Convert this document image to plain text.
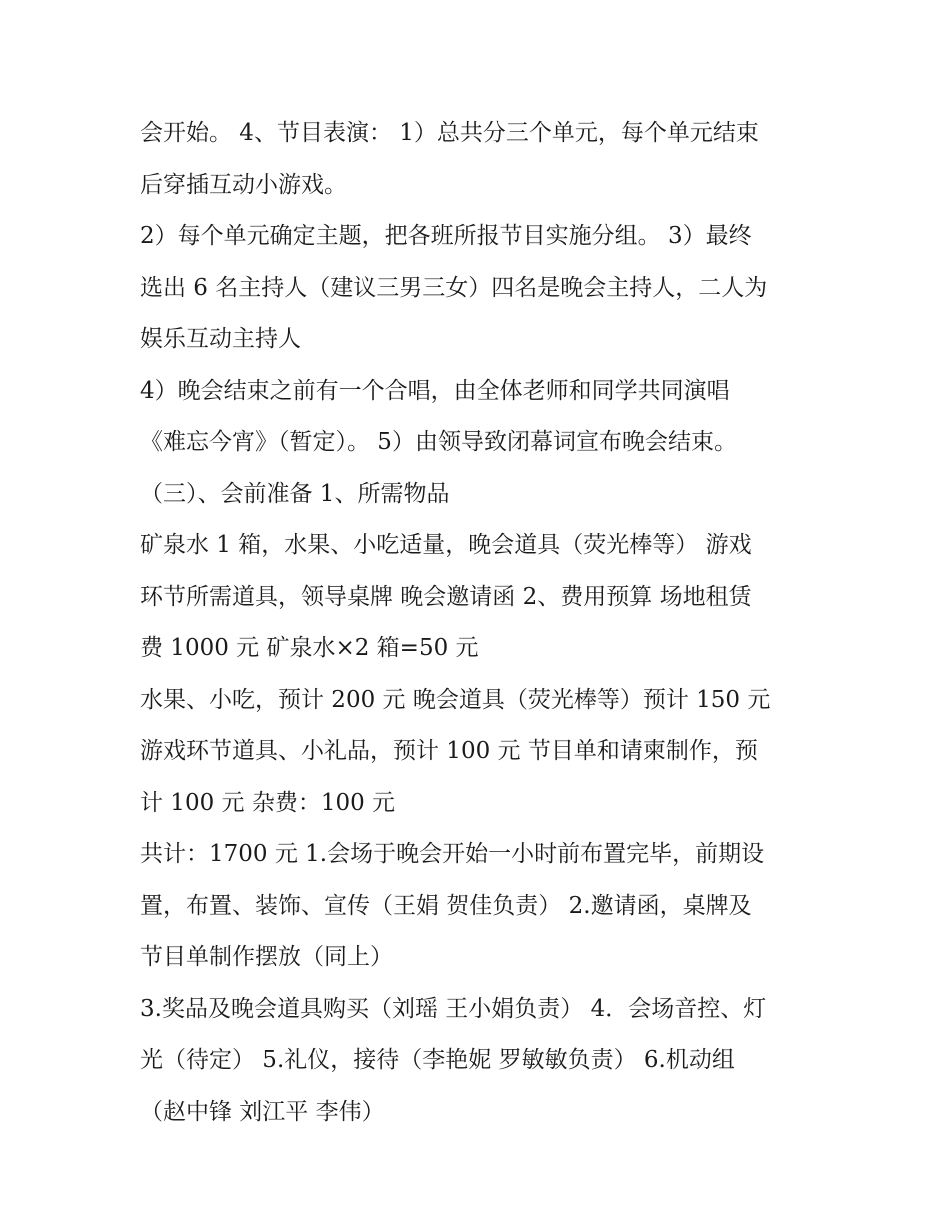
会开始。 4、节目表演： 1）总共分三个单元，每个单元结束
后穿插互动小游戏。
2）每个单元确定主题，把各班所报节目实施分组。 3）最终
选出 6 名主持人（建议三男三女）四名是晚会主持人，二人为
娱乐互动主持人
4）晚会结束之前有一个合唱，由全体老师和同学共同演唱
《难忘今宵》（暂定）。 5）由领导致闭幕词宣布晚会结束。
（三）、会前准备 1、所需物品
矿泉水 1 箱，水果、小吃适量，晚会道具（荧光棒等） 游戏
环节所需道具，领导桌牌 晚会邀请函 2、费用预算 场地租赁
费 1000 元 矿泉水×2 箱=50 元
水果、小吃，预计 200 元 晚会道具（荧光棒等）预计 150 元
游戏环节道具、小礼品，预计 100 元 节目单和请柬制作，预
计 100 元 杂费：100 元
共计：1700 元 1.会场于晚会开始一小时前布置完毕，前期设
置，布置、装饰、宣传（王娟 贺佳负责） 2.邀请函，桌牌及
节目单制作摆放（同上）
3.奖品及晚会道具购买（刘瑶 王小娟负责） 4．会场音控、灯
光（待定） 5.礼仪，接待（李艳妮 罗敏敏负责） 6.机动组
（赵中锋 刘江平 李伟）
